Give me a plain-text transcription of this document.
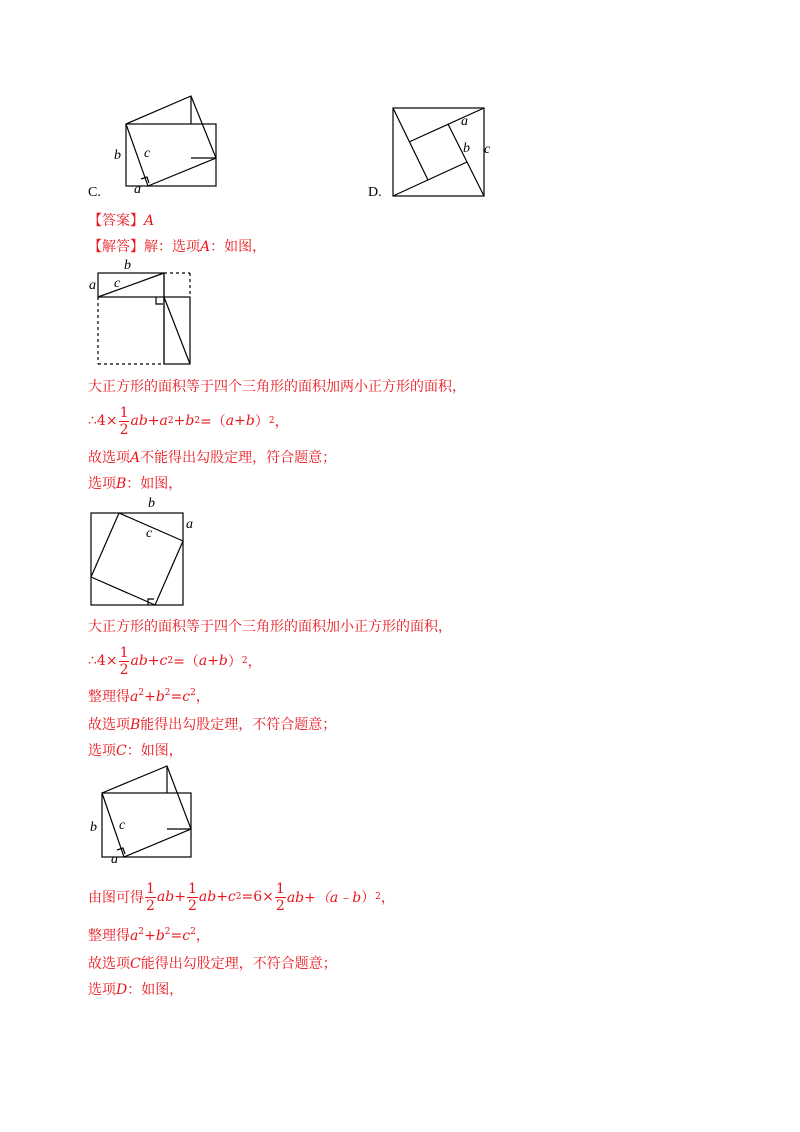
C. a
b c
D.
a
b c
【答案】A
【解答】解：选项A：如图，
b
a c
大正方形的面积等于四个三角形的面积加两小正方形的面积，
∴ $4\times \frac{1}{2} ab+a$ 2 +b 2 =（ a+b ） 2 ，
故选项A不能得出勾股定理，符合题意；
选项B：如图，
b
a
c
大正方形的面积等于四个三角形的面积加小正方形的面积，
∴ $4\times \frac{1}{2} ab+c$ 2 =（ a+b ） 2 ，
整理得$a^2+b^2=c^2$，
故选项B能得出勾股定理，不符合题意；
选项C：如图，
b c
a
由图可得 $\frac{1}{2} ab+ \frac{1}{2} ab+c$ $2 =6\times \frac{1}{2} ab+$（ a﹣b ） 2 ，
整理得$a^2+b^2=c^2$，
故选项C能得出勾股定理，不符合题意；
选项D：如图，
